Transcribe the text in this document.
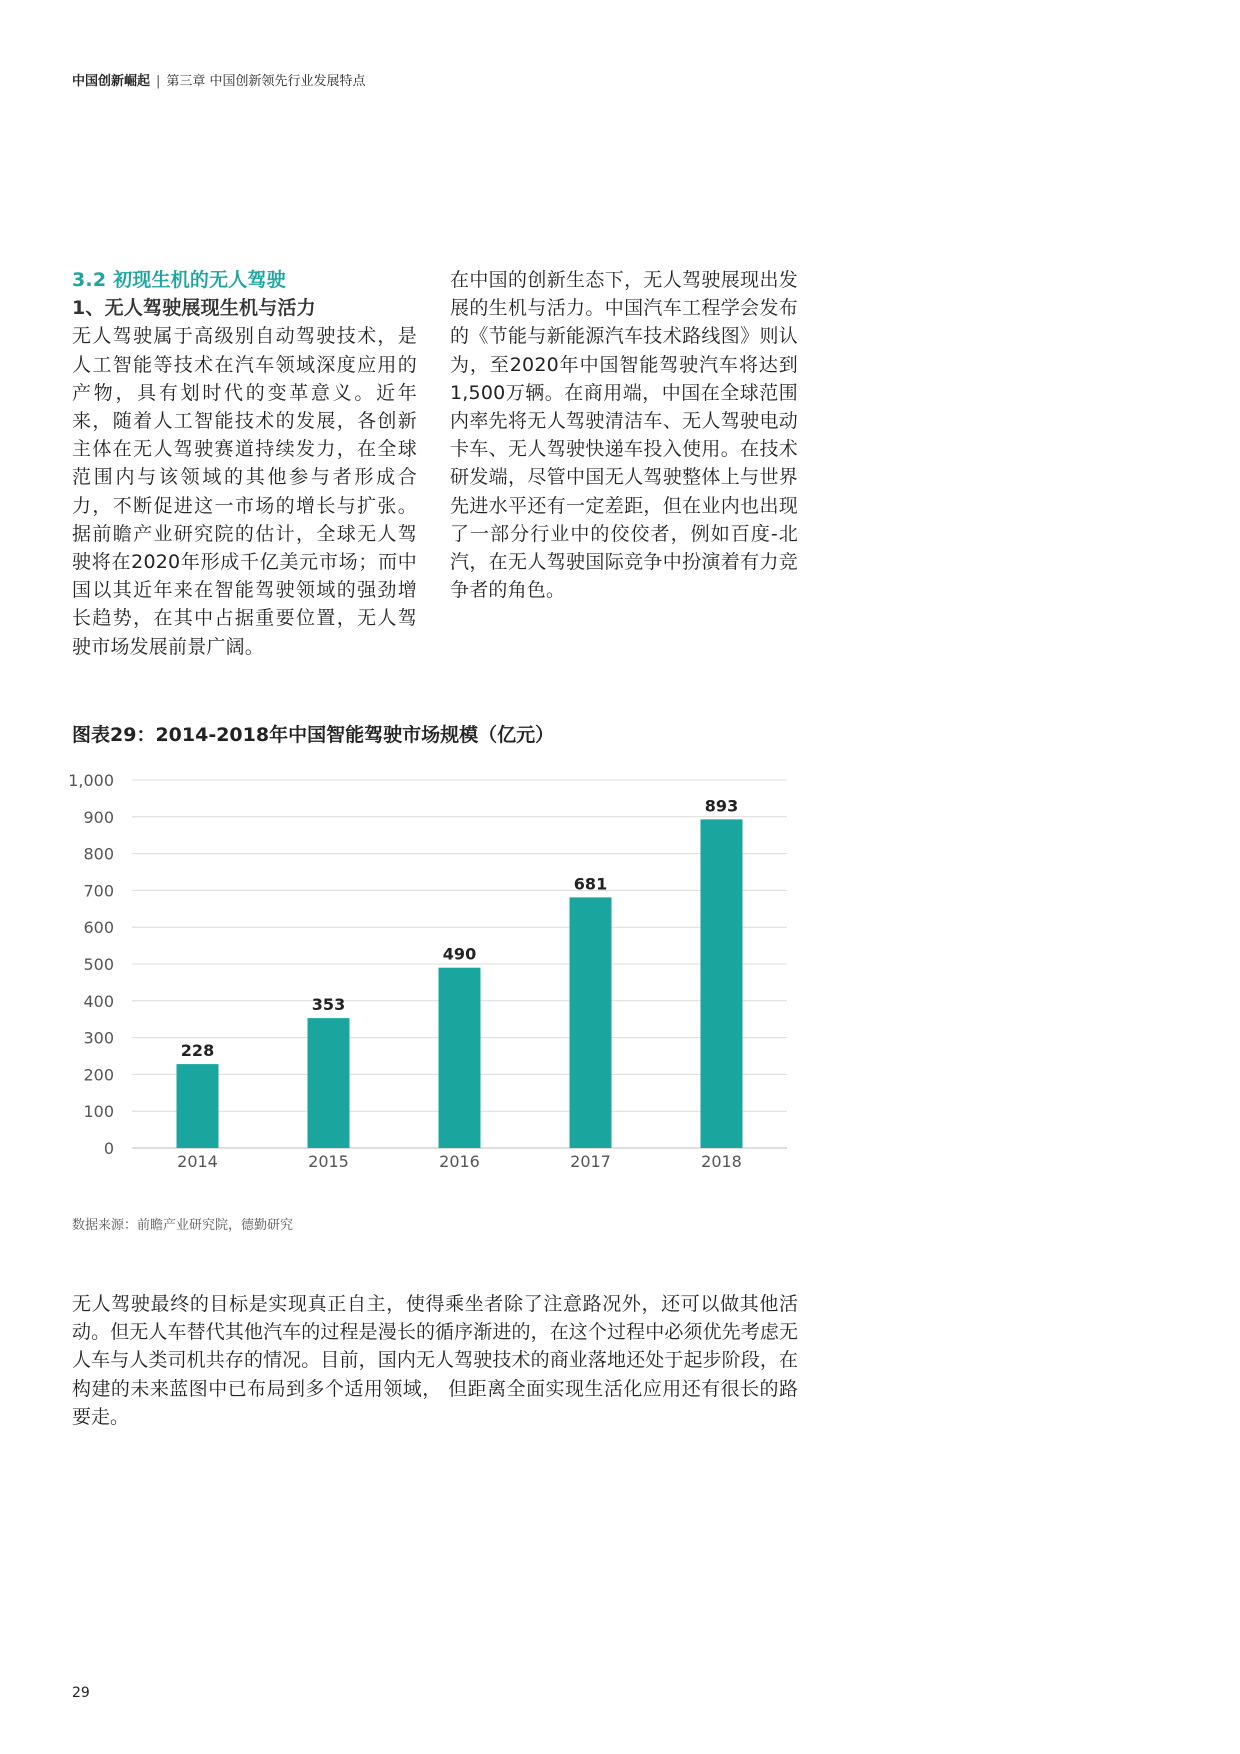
中国创新崛起 | 第三章 中国创新领先行业发展特点
3.2 初现生机的无人驾驶
1、无人驾驶展现生机与活力

无人驾驶属于高级别自动驾驶技术，是人工智能等技术在汽车领域深度应用的产物，具有划时代的变革意义。近年来，随着人工智能技术的发展，各创新主体在无人驾驶赛道持续发力，在全球范围内与该领域的其他参与者形成合力，不断促进这一市场的增长与扩张。据前瞻产业研究院的估计，全球无人驾驶将在2020年形成千亿美元市场；而中国以其近年来在智能驾驶领域的强劲增长趋势，在其中占据重要位置，无人驾驶市场发展前景广阔。

在中国的创新生态下，无人驾驶展现出发展的生机与活力。中国汽车工程学会发布的《节能与新能源汽车技术路线图》则认为，至2020年中国智能驾驶汽车将达到1,500万辆。在商用端，中国在全球范围内率先将无人驾驶清洁车、无人驾驶电动卡车、无人驾驶快递车投入使用。在技术研发端，尽管中国无人驾驶整体上与世界先进水平还有一定差距，但在业内也出现了一部分行业中的佼佼者，例如百度-北汽，在无人驾驶国际竞争中扮演着有力竞争者的角色。

图表29：2014-2018年中国智能驾驶市场规模（亿元）
0
100
200
300
400
500
600
700
800
900
1,000
228
2014
353
2015
490
2016
681
2017
893
2018
数据来源：前瞻产业研究院，德勤研究

无人驾驶最终的目标是实现真正自主，使得乘坐者除了注意路况外，还可以做其他活动。但无人车替代其他汽车的过程是漫长的循序渐进的，在这个过程中必须优先考虑无人车与人类司机共存的情况。目前，国内无人驾驶技术的商业落地还处于起步阶段，在构建的未来蓝图中已布局到多个适用领域， 但距离全面实现生活化应用还有很长的路要走。

29
